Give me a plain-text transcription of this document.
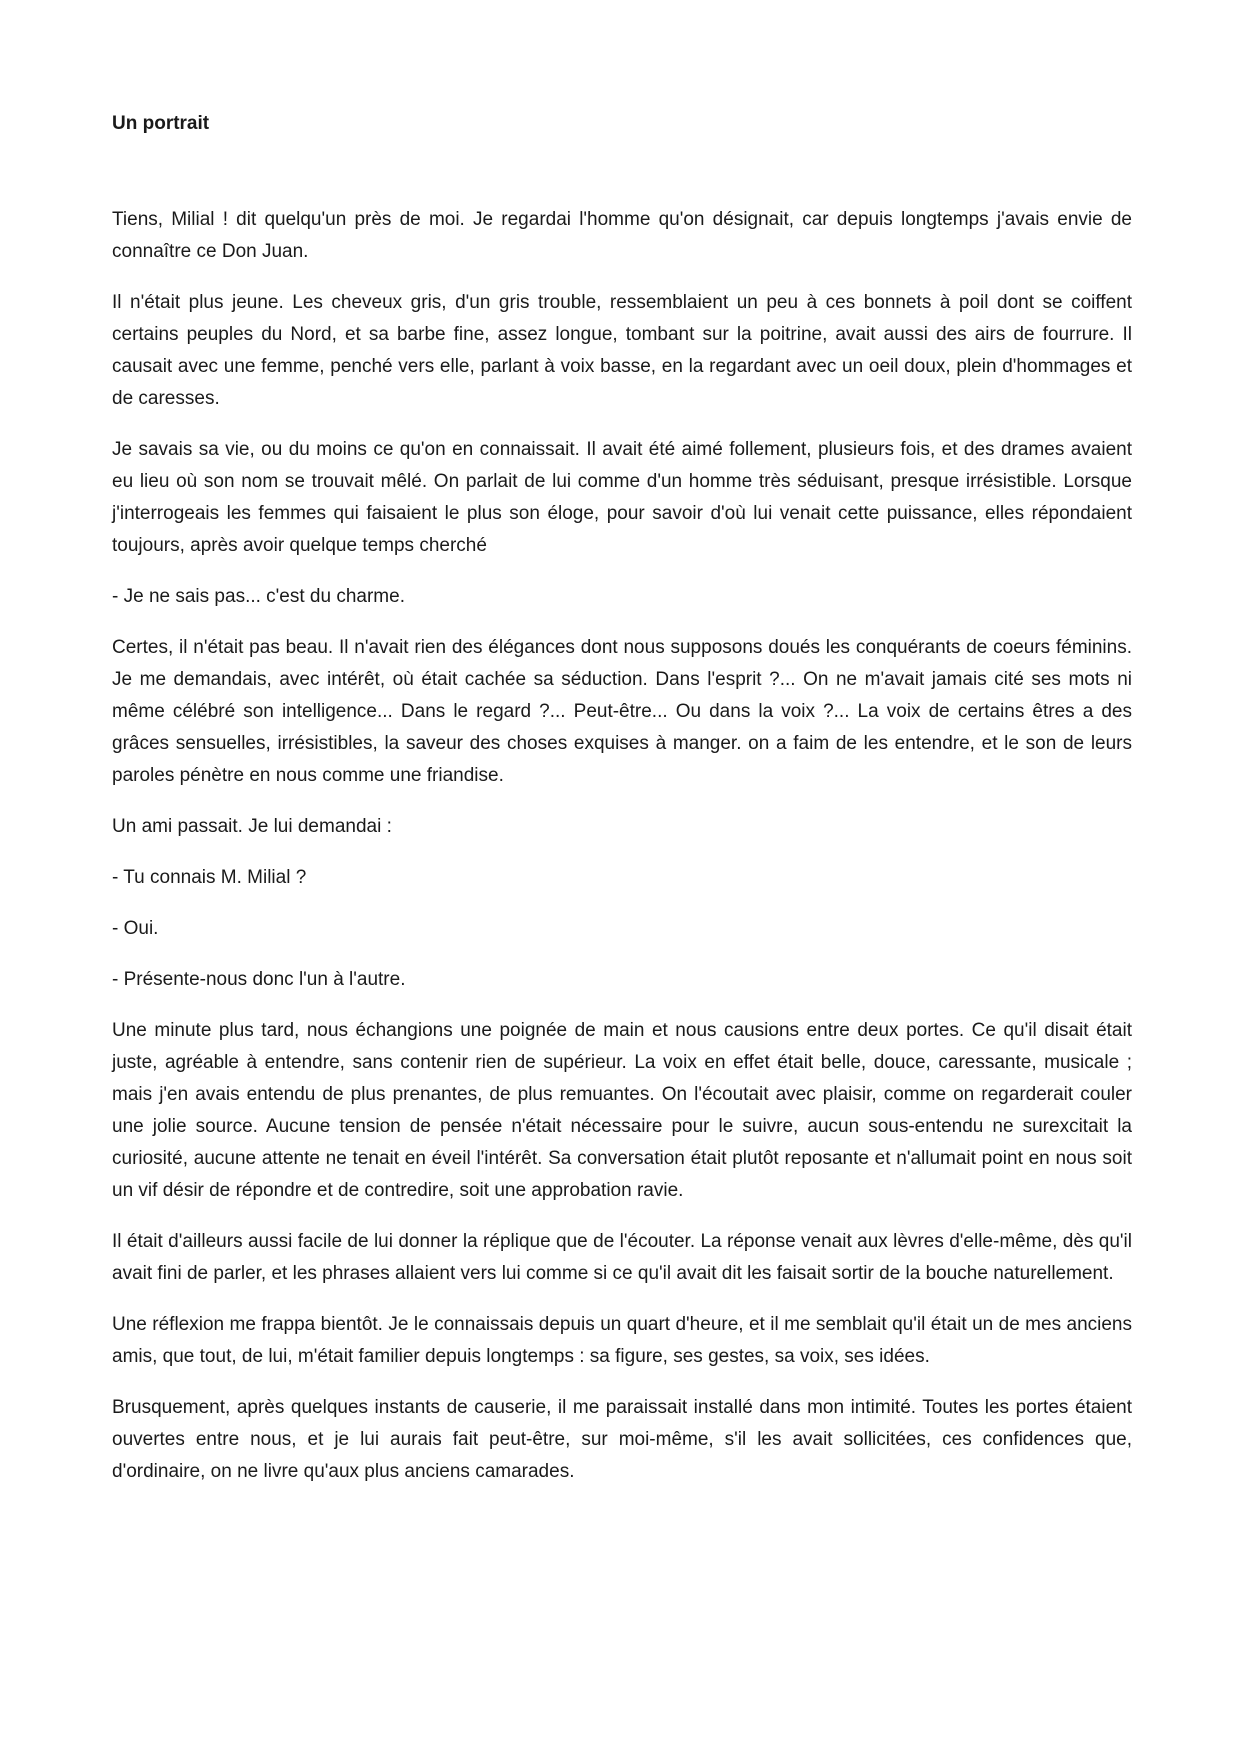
Un portrait

Tiens, Milial ! dit quelqu'un près de moi. Je regardai l'homme qu'on désignait, car depuis longtemps j'avais envie de connaître ce Don Juan.

Il n'était plus jeune. Les cheveux gris, d'un gris trouble, ressemblaient un peu à ces bonnets à poil dont se coiffent certains peuples du Nord, et sa barbe fine, assez longue, tombant sur la poitrine, avait aussi des airs de fourrure. Il causait avec une femme, penché vers elle, parlant à voix basse, en la regardant avec un oeil doux, plein d'hommages et de caresses.

Je savais sa vie, ou du moins ce qu'on en connaissait. Il avait été aimé follement, plusieurs fois, et des drames avaient eu lieu où son nom se trouvait mêlé. On parlait de lui comme d'un homme très séduisant, presque irrésistible. Lorsque j'interrogeais les femmes qui faisaient le plus son éloge, pour savoir d'où lui venait cette puissance, elles répondaient toujours, après avoir quelque temps cherché

- Je ne sais pas... c'est du charme.

Certes, il n'était pas beau. Il n'avait rien des élégances dont nous supposons doués les conquérants de coeurs féminins. Je me demandais, avec intérêt, où était cachée sa séduction. Dans l'esprit ?... On ne m'avait jamais cité ses mots ni même célébré son intelligence... Dans le regard ?... Peut-être... Ou dans la voix ?... La voix de certains êtres a des grâces sensuelles, irrésistibles, la saveur des choses exquises à manger. on a faim de les entendre, et le son de leurs paroles pénètre en nous comme une friandise.

Un ami passait. Je lui demandai :

- Tu connais M. Milial ?

- Oui.

- Présente-nous donc l'un à l'autre.

Une minute plus tard, nous échangions une poignée de main et nous causions entre deux portes. Ce qu'il disait était juste, agréable à entendre, sans contenir rien de supérieur. La voix en effet était belle, douce, caressante, musicale ; mais j'en avais entendu de plus prenantes, de plus remuantes. On l'écoutait avec plaisir, comme on regarderait couler une jolie source. Aucune tension de pensée n'était nécessaire pour le suivre, aucun sous-entendu ne surexcitait la curiosité, aucune attente ne tenait en éveil l'intérêt. Sa conversation était plutôt reposante et n'allumait point en nous soit un vif désir de répondre et de contredire, soit une approbation ravie.

Il était d'ailleurs aussi facile de lui donner la réplique que de l'écouter. La réponse venait aux lèvres d'elle-même, dès qu'il avait fini de parler, et les phrases allaient vers lui comme si ce qu'il avait dit les faisait sortir de la bouche naturellement.

Une réflexion me frappa bientôt. Je le connaissais depuis un quart d'heure, et il me semblait qu'il était un de mes anciens amis, que tout, de lui, m'était familier depuis longtemps : sa figure, ses gestes, sa voix, ses idées.

Brusquement, après quelques instants de causerie, il me paraissait installé dans mon intimité. Toutes les portes étaient ouvertes entre nous, et je lui aurais fait peut-être, sur moi-même, s'il les avait sollicitées, ces confidences que, d'ordinaire, on ne livre qu'aux plus anciens camarades.
